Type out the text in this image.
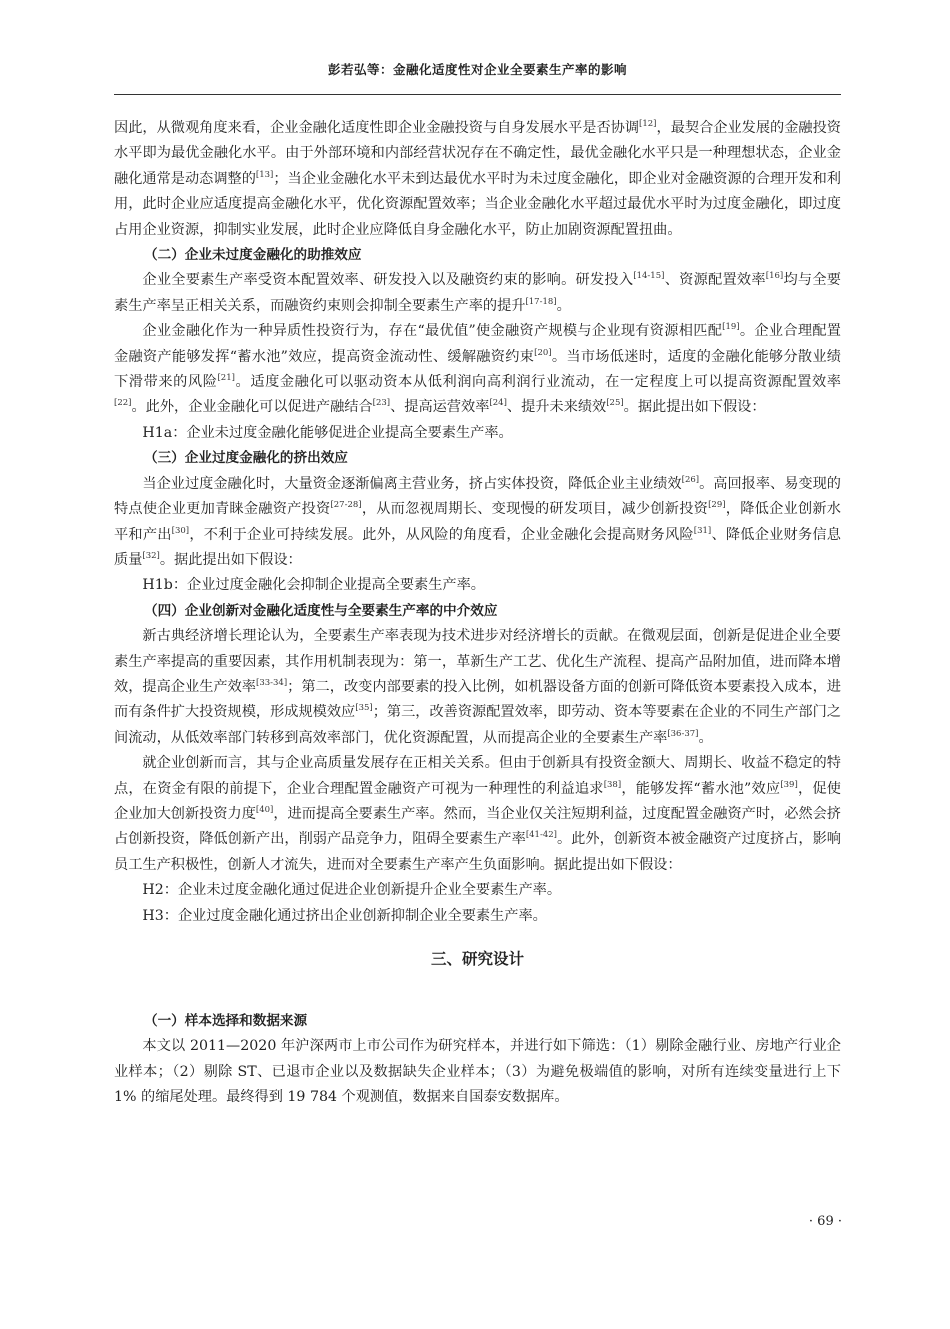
彭若弘等：金融化适度性对企业全要素生产率的影响

因此，从微观角度来看，企业金融化适度性即企业金融投资与自身发展水平是否协调[12]，最契合企业发展的金融投资水平即为最优金融化水平。由于外部环境和内部经营状况存在不确定性，最优金融化水平只是一种理想状态，企业金融化通常是动态调整的[13]；当企业金融化水平未到达最优水平时为未过度金融化，即企业对金融资源的合理开发和利用，此时企业应适度提高金融化水平，优化资源配置效率；当企业金融化水平超过最优水平时为过度金融化，即过度占用企业资源，抑制实业发展，此时企业应降低自身金融化水平，防止加剧资源配置扭曲。

（二）企业未过度金融化的助推效应

企业全要素生产率受资本配置效率、研发投入以及融资约束的影响。研发投入[14-15]、资源配置效率[16]均与全要素生产率呈正相关关系，而融资约束则会抑制全要素生产率的提升[17-18]。

企业金融化作为一种异质性投资行为，存在“最优值”使金融资产规模与企业现有资源相匹配[19]。企业合理配置金融资产能够发挥“蓄水池”效应，提高资金流动性、缓解融资约束[20]。当市场低迷时，适度的金融化能够分散业绩下滑带来的风险[21]。适度金融化可以驱动资本从低利润向高利润行业流动，在一定程度上可以提高资源配置效率[22]。此外，企业金融化可以促进产融结合[23]、提高运营效率[24]、提升未来绩效[25]。据此提出如下假设：

H1a：企业未过度金融化能够促进企业提高全要素生产率。

（三）企业过度金融化的挤出效应

当企业过度金融化时，大量资金逐渐偏离主营业务，挤占实体投资，降低企业主业绩效[26]。高回报率、易变现的特点使企业更加青睐金融资产投资[27-28]，从而忽视周期长、变现慢的研发项目，减少创新投资[29]，降低企业创新水平和产出[30]，不利于企业可持续发展。此外，从风险的角度看，企业金融化会提高财务风险[31]、降低企业财务信息质量[32]。据此提出如下假设：

H1b：企业过度金融化会抑制企业提高全要素生产率。

（四）企业创新对金融化适度性与全要素生产率的中介效应

新古典经济增长理论认为，全要素生产率表现为技术进步对经济增长的贡献。在微观层面，创新是促进企业全要素生产率提高的重要因素，其作用机制表现为：第一，革新生产工艺、优化生产流程、提高产品附加值，进而降本增效，提高企业生产效率[33-34]；第二，改变内部要素的投入比例，如机器设备方面的创新可降低资本要素投入成本，进而有条件扩大投资规模，形成规模效应[35]；第三，改善资源配置效率，即劳动、资本等要素在企业的不同生产部门之间流动，从低效率部门转移到高效率部门，优化资源配置，从而提高企业的全要素生产率[36-37]。

就企业创新而言，其与企业高质量发展存在正相关关系。但由于创新具有投资金额大、周期长、收益不稳定的特点，在资金有限的前提下，企业合理配置金融资产可视为一种理性的利益追求[38]，能够发挥“蓄水池”效应[39]，促使企业加大创新投资力度[40]，进而提高全要素生产率。然而，当企业仅关注短期利益，过度配置金融资产时，必然会挤占创新投资，降低创新产出，削弱产品竞争力，阻碍全要素生产率[41-42]。此外，创新资本被金融资产过度挤占，影响员工生产积极性，创新人才流失，进而对全要素生产率产生负面影响。据此提出如下假设：

H2：企业未过度金融化通过促进企业创新提升企业全要素生产率。

H3：企业过度金融化通过挤出企业创新抑制企业全要素生产率。

三、研究设计
（一）样本选择和数据来源

本文以 2011—2020 年沪深两市上市公司作为研究样本，并进行如下筛选：（1）剔除金融行业、房地产行业企业样本；（2）剔除 ST、已退市企业以及数据缺失企业样本；（3）为避免极端值的影响，对所有连续变量进行上下 1% 的缩尾处理。最终得到 19 784 个观测值，数据来自国泰安数据库。

· 69 ·
